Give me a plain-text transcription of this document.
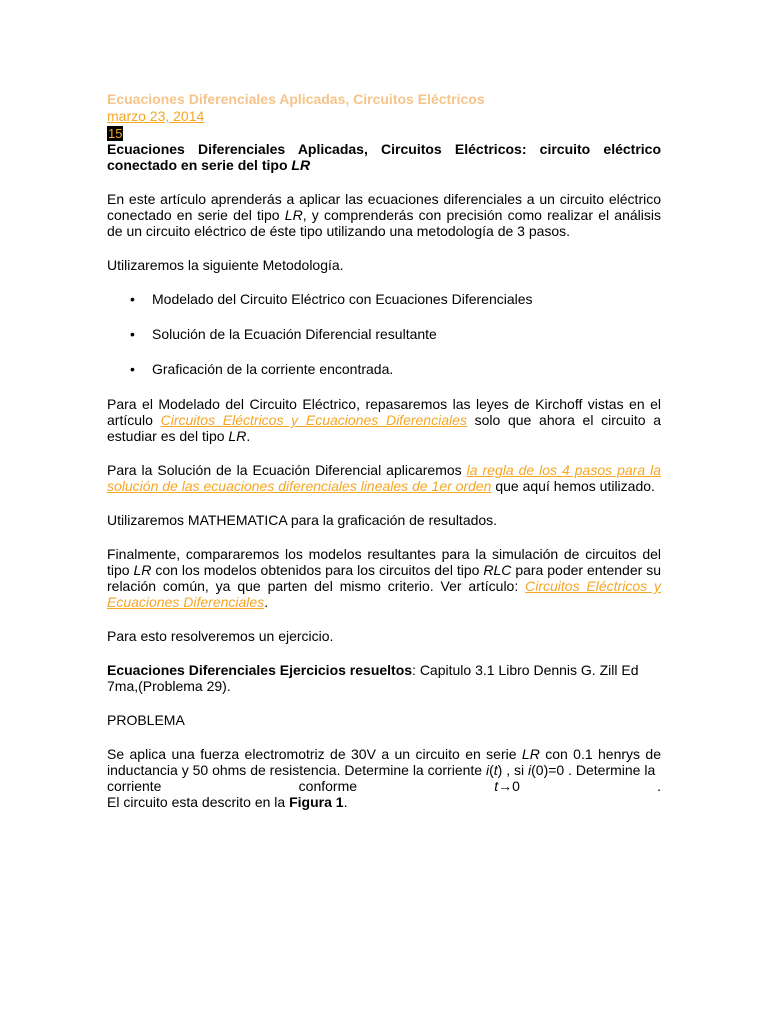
Ecuaciones Diferenciales Aplicadas, Circuitos Eléctricos
marzo 23, 2014
15
Ecuaciones Diferenciales Aplicadas, Circuitos Eléctricos: circuito eléctrico conectado en serie del tipo LR

En este artículo aprenderás a aplicar las ecuaciones diferenciales a un circuito eléctrico conectado en serie del tipo LR, y comprenderás con precisión como realizar el análisis de un circuito eléctrico de éste tipo utilizando una metodología de 3 pasos.

Utilizaremos la siguiente Metodología.

• Modelado del Circuito Eléctrico con Ecuaciones Diferenciales
• Solución de la Ecuación Diferencial resultante
• Graficación de la corriente encontrada.

Para el Modelado del Circuito Eléctrico, repasaremos las leyes de Kirchoff vistas en el artículo Circuitos Eléctricos y Ecuaciones Diferenciales solo que ahora el circuito a estudiar es del tipo LR.

Para la Solución de la Ecuación Diferencial aplicaremos la regla de los 4 pasos para la solución de las ecuaciones diferenciales lineales de 1er orden que aquí hemos utilizado.

Utilizaremos MATHEMATICA para la graficación de resultados.

Finalmente, compararemos los modelos resultantes para la simulación de circuitos del tipo LR con los modelos obtenidos para los circuitos del tipo RLC para poder entender su relación común, ya que parten del mismo criterio. Ver artículo: Circuitos Eléctricos y Ecuaciones Diferenciales.

Para esto resolveremos un ejercicio.

Ecuaciones Diferenciales Ejercicios resueltos: Capitulo 3.1 Libro Dennis G. Zill Ed 7ma,(Problema 29).

PROBLEMA

Se aplica una fuerza electromotriz de 30V a un circuito en serie LR con 0.1 henrys de inductancia y 50 ohms de resistencia. Determine la corriente i(t) , si i(0)=0 . Determine la
corriente	conforme	t→0	.
El circuito esta descrito en la Figura 1.
